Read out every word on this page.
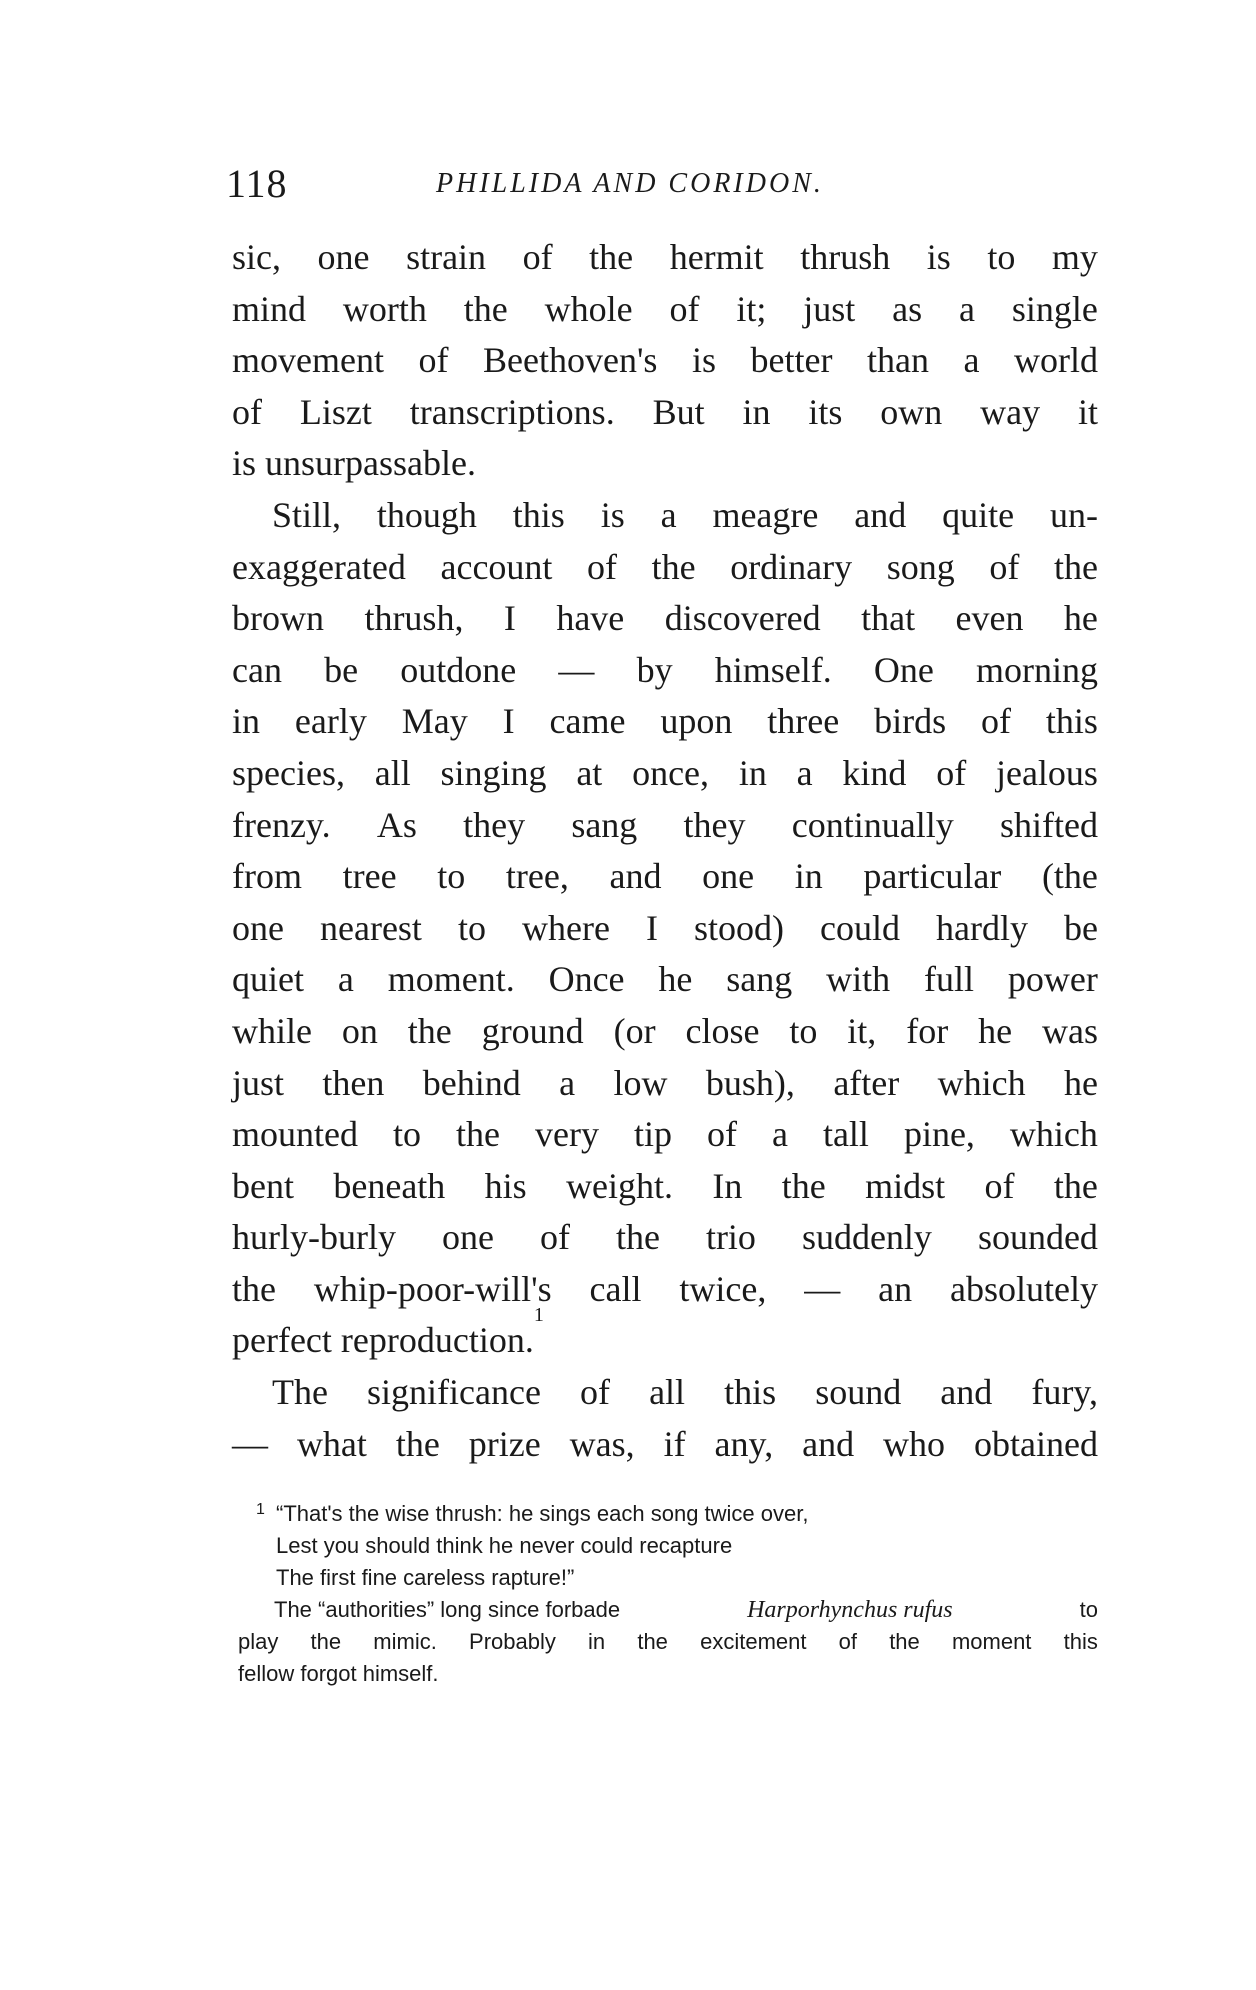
118	PHILLIDA AND CORIDON.
sic, one strain of the hermit thrush is to my
mind worth the whole of it; just as a single
movement of Beethoven's is better than a world
of Liszt transcriptions. But in its own way it
is unsurpassable.
Still, though this is a meagre and quite un-
exaggerated account of the ordinary song of the
brown thrush, I have discovered that even he
can be outdone — by himself. One morning
in early May I came upon three birds of this
species, all singing at once, in a kind of jealous
frenzy. As they sang they continually shifted
from tree to tree, and one in particular (the
one nearest to where I stood) could hardly be
quiet a moment. Once he sang with full power
while on the ground (or close to it, for he was
just then behind a low bush), after which he
mounted to the very tip of a tall pine, which
bent beneath his weight. In the midst of the
hurly-burly one of the trio suddenly sounded
the whip-poor-will's call twice, — an absolutely
perfect reproduction.
1
The significance of all this sound and fury,
— what the prize was, if any, and who obtained
1 “That's the wise thrush: he sings each song twice over,
Lest you should think he never could recapture
The first fine careless rapture!”
The “authorities” long since forbade	Harporhynchus rufus	to
play the mimic. Probably in the excitement of the moment this
fellow forgot himself.
